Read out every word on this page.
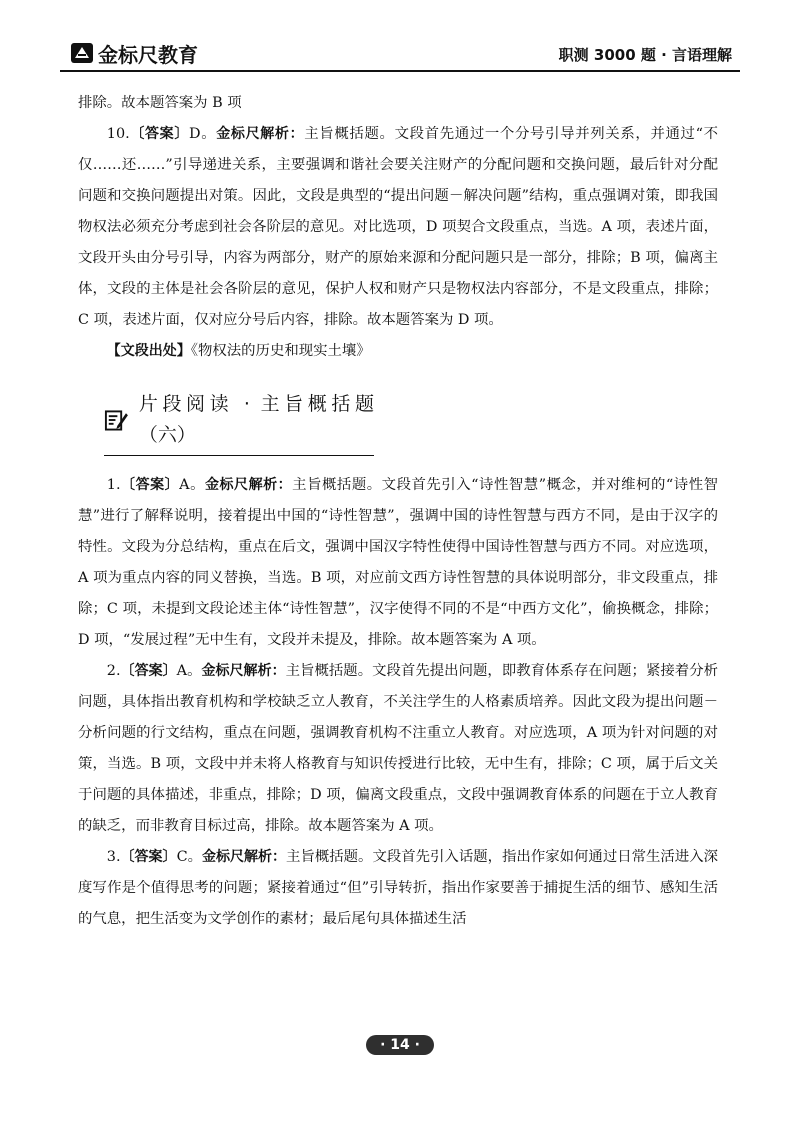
金标尺教育	职测 3000 题 · 言语理解

排除。故本题答案为 B 项

10.〔答案〕D。金标尺解析：主旨概括题。文段首先通过一个分号引导并列关系，并通过“不仅……还……”引导递进关系，主要强调和谐社会要关注财产的分配问题和交换问题，最后针对分配问题和交换问题提出对策。因此，文段是典型的“提出问题－解决问题”结构，重点强调对策，即我国物权法必须充分考虑到社会各阶层的意见。对比选项，D 项契合文段重点，当选。A 项，表述片面，文段开头由分号引导，内容为两部分，财产的原始来源和分配问题只是一部分，排除；B 项，偏离主体，文段的主体是社会各阶层的意见，保护人权和财产只是物权法内容部分，不是文段重点，排除；C 项，表述片面，仅对应分号后内容，排除。故本题答案为 D 项。

【文段出处】《物权法的历史和现实土壤》

片段阅读 · 主旨概括题（六）

1.〔答案〕A。金标尺解析：主旨概括题。文段首先引入“诗性智慧”概念，并对维柯的“诗性智慧”进行了解释说明，接着提出中国的“诗性智慧”，强调中国的诗性智慧与西方不同，是由于汉字的特性。文段为分总结构，重点在后文，强调中国汉字特性使得中国诗性智慧与西方不同。对应选项，A 项为重点内容的同义替换，当选。B 项，对应前文西方诗性智慧的具体说明部分，非文段重点，排除；C 项，未提到文段论述主体“诗性智慧”，汉字使得不同的不是“中西方文化”，偷换概念，排除；D 项，“发展过程”无中生有，文段并未提及，排除。故本题答案为 A 项。

2.〔答案〕A。金标尺解析：主旨概括题。文段首先提出问题，即教育体系存在问题；紧接着分析问题，具体指出教育机构和学校缺乏立人教育，不关注学生的人格素质培养。因此文段为提出问题－分析问题的行文结构，重点在问题，强调教育机构不注重立人教育。对应选项，A 项为针对问题的对策，当选。B 项，文段中并未将人格教育与知识传授进行比较，无中生有，排除；C 项，属于后文关于问题的具体描述，非重点，排除；D 项，偏离文段重点，文段中强调教育体系的问题在于立人教育的缺乏，而非教育目标过高，排除。故本题答案为 A 项。

3.〔答案〕C。金标尺解析：主旨概括题。文段首先引入话题，指出作家如何通过日常生活进入深度写作是个值得思考的问题；紧接着通过“但”引导转折，指出作家要善于捕捉生活的细节、感知生活的气息，把生活变为文学创作的素材；最后尾句具体描述生活

· 14 ·
